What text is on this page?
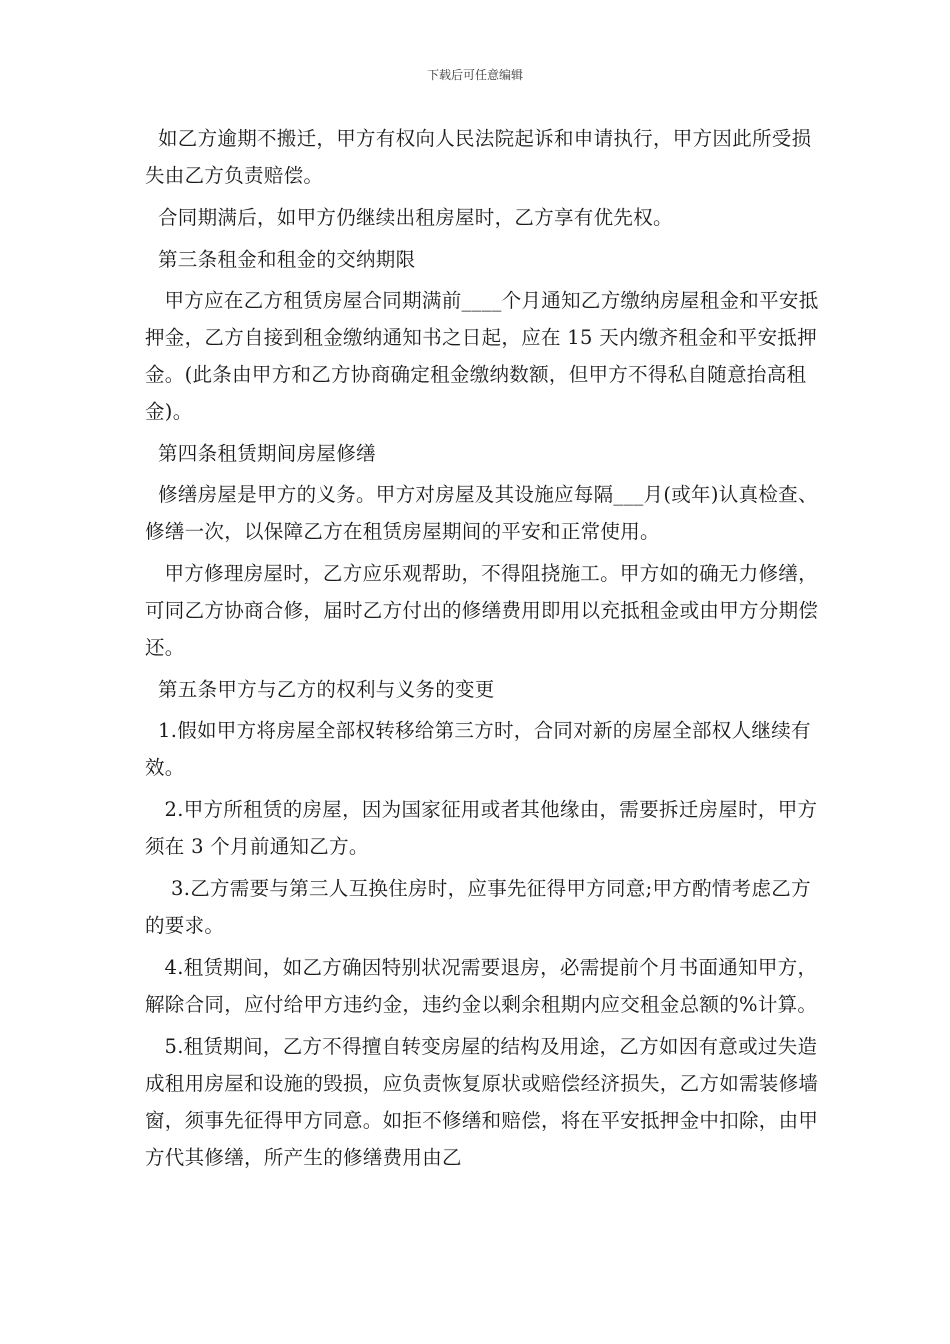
下载后可任意编辑

如乙方逾期不搬迁，甲方有权向人民法院起诉和申请执行，甲方因此所受损失由乙方负责赔偿。

合同期满后，如甲方仍继续出租房屋时，乙方享有优先权。

第三条租金和租金的交纳期限

甲方应在乙方租赁房屋合同期满前____个月通知乙方缴纳房屋租金和平安抵押金，乙方自接到租金缴纳通知书之日起，应在 15 天内缴齐租金和平安抵押金。(此条由甲方和乙方协商确定租金缴纳数额，但甲方不得私自随意抬高租金)。

第四条租赁期间房屋修缮

修缮房屋是甲方的义务。甲方对房屋及其设施应每隔___月(或年)认真检查、修缮一次，以保障乙方在租赁房屋期间的平安和正常使用。

甲方修理房屋时，乙方应乐观帮助，不得阻挠施工。甲方如的确无力修缮，可同乙方协商合修，届时乙方付出的修缮费用即用以充抵租金或由甲方分期偿还。

第五条甲方与乙方的权利与义务的变更

1.假如甲方将房屋全部权转移给第三方时，合同对新的房屋全部权人继续有效。

2.甲方所租赁的房屋，因为国家征用或者其他缘由，需要拆迁房屋时，甲方须在 3 个月前通知乙方。

3.乙方需要与第三人互换住房时，应事先征得甲方同意;甲方酌情考虑乙方的要求。

4.租赁期间，如乙方确因特别状况需要退房，必需提前个月书面通知甲方，解除合同，应付给甲方违约金，违约金以剩余租期内应交租金总额的%计算。

5.租赁期间，乙方不得擅自转变房屋的结构及用途，乙方如因有意或过失造成租用房屋和设施的毁损，应负责恢复原状或赔偿经济损失，乙方如需装修墙窗，须事先征得甲方同意。如拒不修缮和赔偿，将在平安抵押金中扣除，由甲方代其修缮，所产生的修缮费用由乙
